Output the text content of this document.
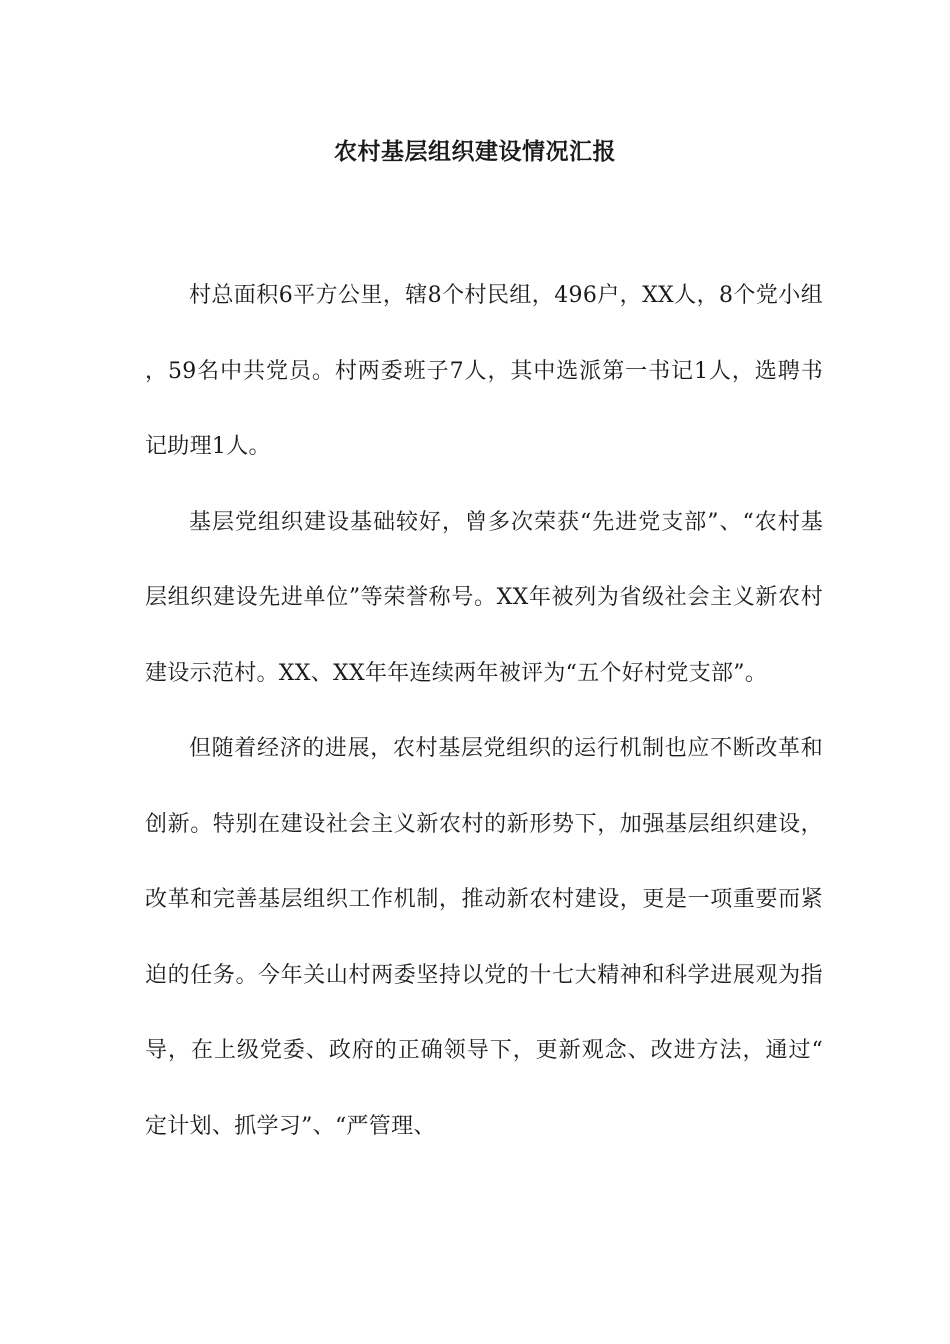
农村基层组织建设情况汇报

村总面积6平方公里，辖8个村民组，496户，XX人，8个党小组，59名中共党员。村两委班子7人，其中选派第一书记1人，选聘书记助理1人。

基层党组织建设基础较好，曾多次荣获“先进党支部”、“农村基层组织建设先进单位”等荣誉称号。XX年被列为省级社会主义新农村建设示范村。XX、XX年年连续两年被评为“五个好村党支部”。

但随着经济的进展，农村基层党组织的运行机制也应不断改革和创新。特别在建设社会主义新农村的新形势下，加强基层组织建设，改革和完善基层组织工作机制，推动新农村建设，更是一项重要而紧迫的任务。今年关山村两委坚持以党的十七大精神和科学进展观为指导，在上级党委、政府的正确领导下，更新观念、改进方法，通过“定计划、抓学习”、“严管理、
